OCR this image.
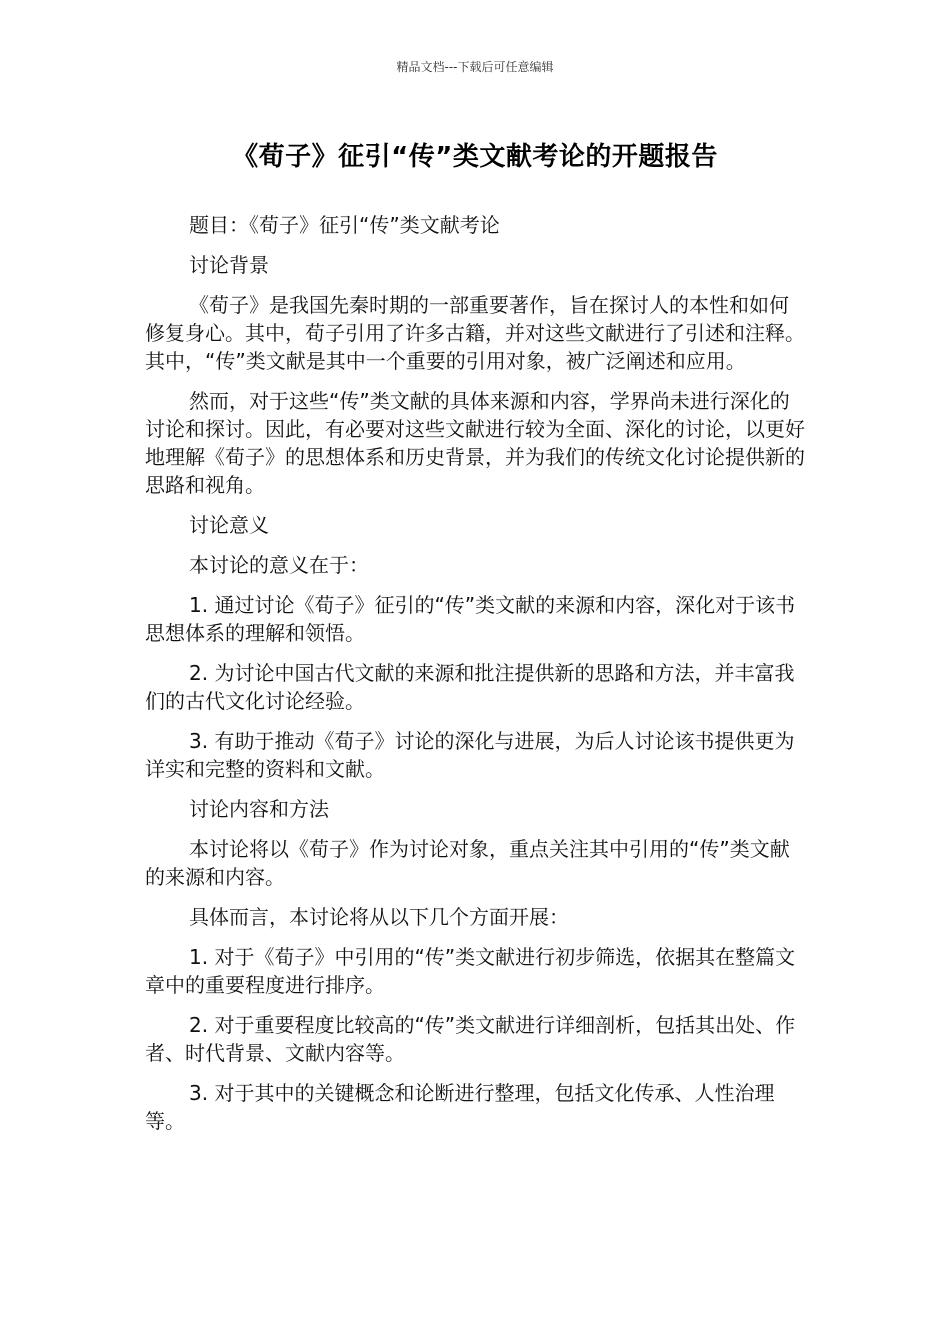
精品文档---下载后可任意编辑
《荀子》征引“传”类文献考论的开题报告

题目：《荀子》征引“传”类文献考论

讨论背景

《荀子》是我国先秦时期的一部重要著作，旨在探讨人的本性和如何修复身心。其中，荀子引用了许多古籍，并对这些文献进行了引述和注释。其中，“传”类文献是其中一个重要的引用对象，被广泛阐述和应用。

然而，对于这些“传”类文献的具体来源和内容，学界尚未进行深化的讨论和探讨。因此，有必要对这些文献进行较为全面、深化的讨论，以更好地理解《荀子》的思想体系和历史背景，并为我们的传统文化讨论提供新的思路和视角。

讨论意义

本讨论的意义在于：

1. 通过讨论《荀子》征引的“传”类文献的来源和内容，深化对于该书思想体系的理解和领悟。

2. 为讨论中国古代文献的来源和批注提供新的思路和方法，并丰富我们的古代文化讨论经验。

3. 有助于推动《荀子》讨论的深化与进展，为后人讨论该书提供更为详实和完整的资料和文献。

讨论内容和方法

本讨论将以《荀子》作为讨论对象，重点关注其中引用的“传”类文献的来源和内容。

具体而言，本讨论将从以下几个方面开展：

1. 对于《荀子》中引用的“传”类文献进行初步筛选，依据其在整篇文章中的重要程度进行排序。

2. 对于重要程度比较高的“传”类文献进行详细剖析，包括其出处、作者、时代背景、文献内容等。

3. 对于其中的关键概念和论断进行整理，包括文化传承、人性治理等。
